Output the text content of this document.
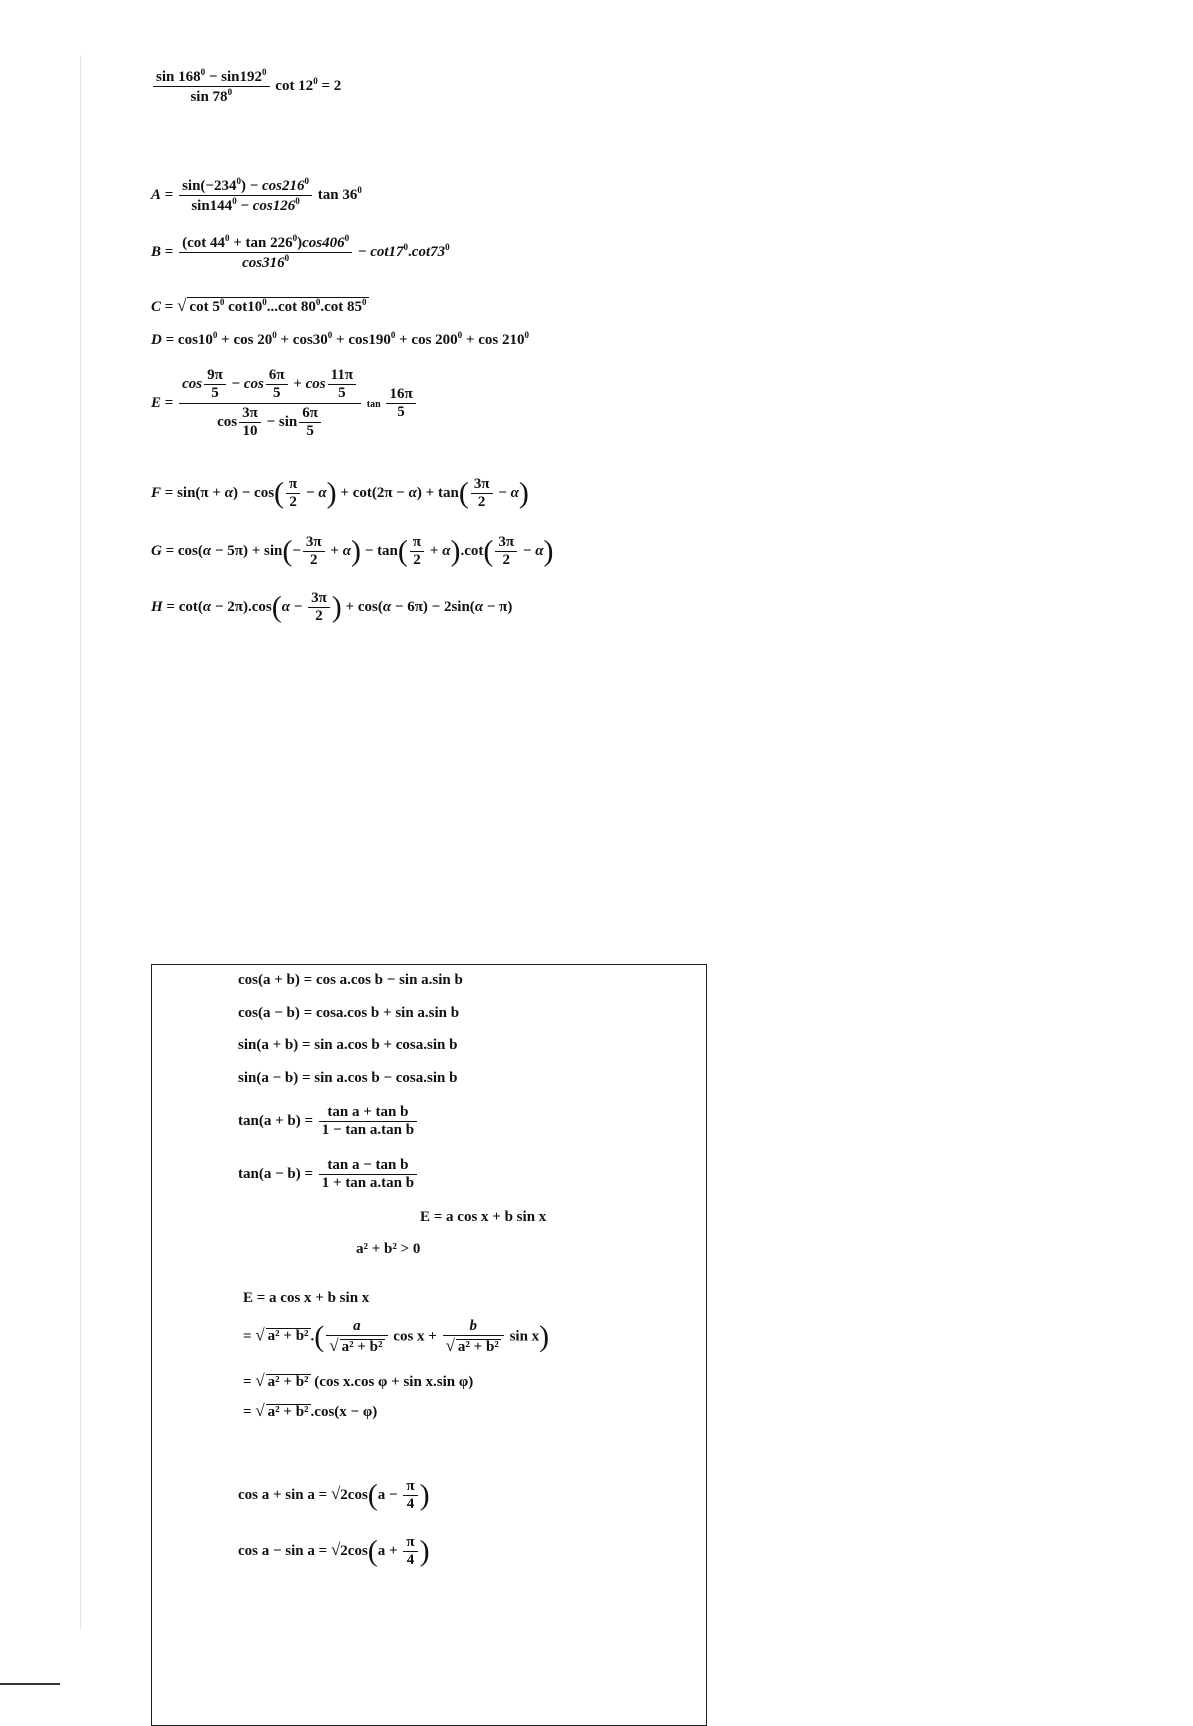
$\frac{\sin 168^0 - \sin 192^0}{\sin 78^0}$ $\cot 12^0 = 2$
$A = \frac{\sin(-234^0) - \cos 216^0}{\sin 144^0 - \cos 126^0}$ $\tan 36^0$
$B = \frac{(\cot 44^0 + \tan 226^0)\cos 406^0}{\cos 316^0} - \cot 17^0.\cot 73^0$
C = √ $\cot 5^0$ $\cot 10^0...\cot$ $80^0.\cot$ $85^0$
$D = \cos 10^0 + \cos 20^0 + \cos 30^0 + \cos 190^0 + \cos 200^0 + \cos 210^0$
$E = \frac{\cos \frac{9\pi}{5} - \cos \frac{6\pi}{5} + \cos \frac{11\pi}{5}}{\cos \frac{3\pi}{10} - \sin \frac{6\pi}{5}}$ $\tan \frac{16\pi}{5}$
$F = \sin(\pi + \alpha) - \cos( \frac{\pi}{2} - \alpha) + \cot(2\pi - \alpha) + \tan( \frac{3\pi}{2} - \alpha)$
$G = \cos(\alpha - 5\pi) + \sin(- \frac{3\pi}{2} + \alpha) - \tan( \frac{\pi}{2} + \alpha).\cot( \frac{3\pi}{2} - \alpha)$
$H = \cot(\alpha - 2\pi).\cos(\alpha - \frac{3\pi}{2}$ ) + cos(α − 6π) − 2sin(α − π)
cos(a + b) = cos a.cos b − sin a.sin b
cos(a − b) = cosa.cos b + sin a.sin b
sin(a + b) = sin a.cos b + cosa.sin b
sin(a − b) = sin a.cos b − cosa.sin b
$\tan(a + b) = \frac{\text{tan a + tan b}}{\text{1 − tan a.tan b}}$
$\tan(a - b) = \frac{\text{tan a − tan b}}{\text{1 + tan a.tan b}}$
E = a cos x + b sin x
a² + b² > 0
E = a cos x + b sin x
= √ a² + b² .( $\frac{a}{\text{√ a² + b²}}$ $\cos x + \frac{b}{\text{√ a² + b²}}$ sin x)
= √ a² + b² (cos x.cos φ + sin x.sin φ)
= √ a² + b² .cos(x − φ)
$\cos a + \sin a = √2\cos(a - \frac{\pi}{4}$ )
$\cos a - \sin a = √2\cos(a + \frac{\pi}{4}$ )
